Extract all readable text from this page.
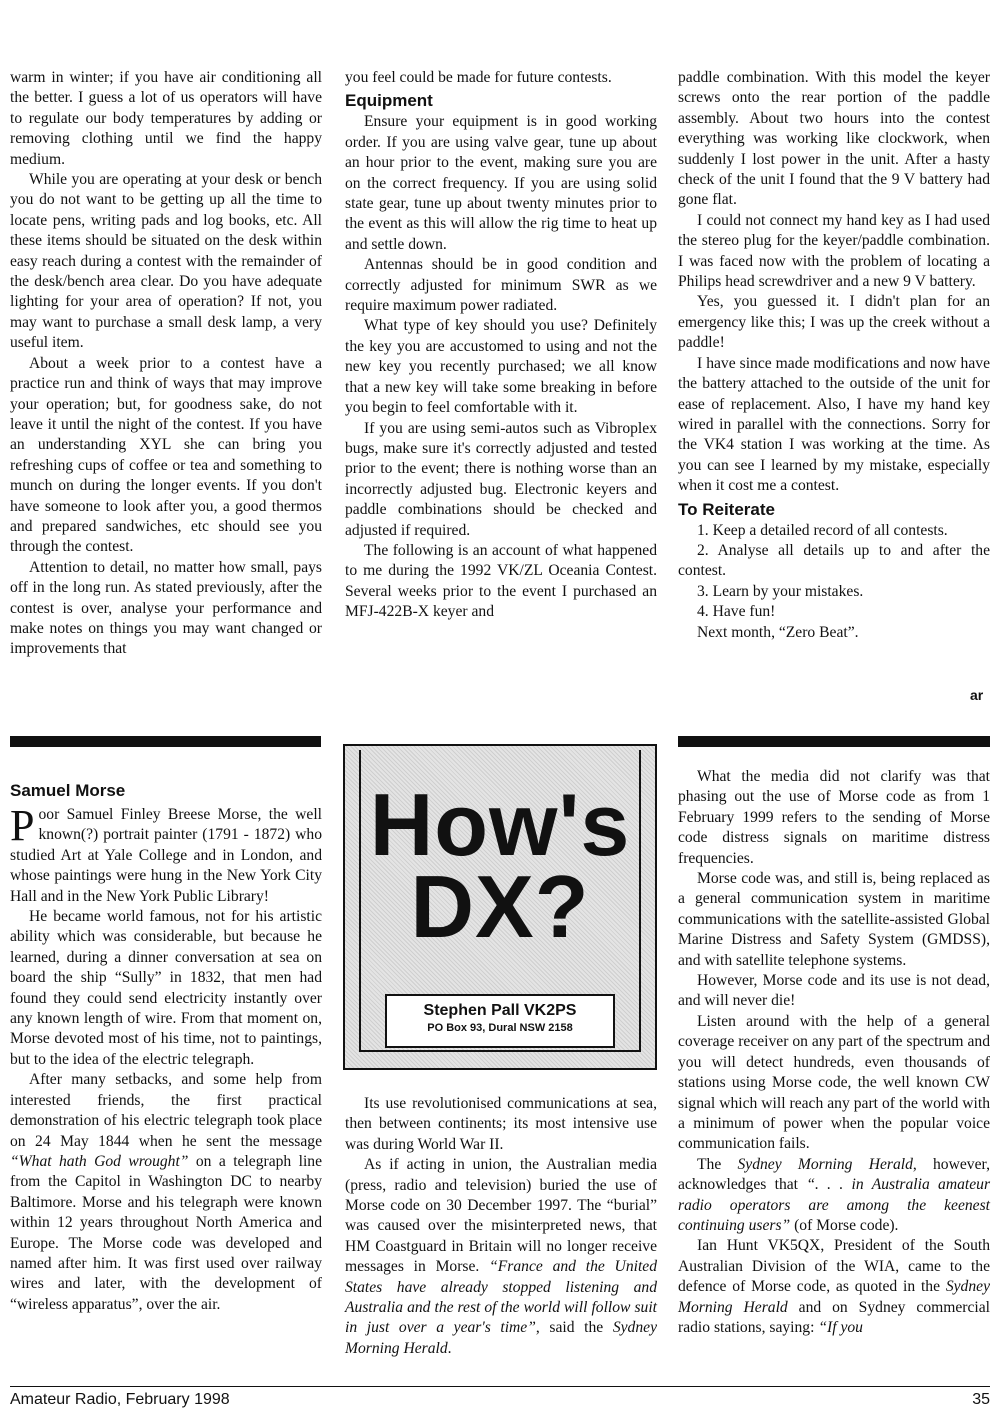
warm in winter; if you have air conditioning all the better. I guess a lot of us operators will have to regulate our body temperatures by adding or removing clothing until we find the happy medium.

While you are operating at your desk or bench you do not want to be getting up all the time to locate pens, writing pads and log books, etc. All these items should be situated on the desk within easy reach during a contest with the remainder of the desk/bench area clear. Do you have adequate lighting for your area of operation? If not, you may want to purchase a small desk lamp, a very useful item.

About a week prior to a contest have a practice run and think of ways that may improve your operation; but, for goodness sake, do not leave it until the night of the contest. If you have an understanding XYL she can bring you refreshing cups of coffee or tea and something to munch on during the longer events. If you don't have someone to look after you, a good thermos and prepared sandwiches, etc should see you through the contest.

Attention to detail, no matter how small, pays off in the long run. As stated previously, after the contest is over, analyse your performance and make notes on things you may want changed or improvements that

you feel could be made for future contests.

Equipment

Ensure your equipment is in good working order. If you are using valve gear, tune up about an hour prior to the event, making sure you are on the correct frequency. If you are using solid state gear, tune up about twenty minutes prior to the event as this will allow the rig time to heat up and settle down.

Antennas should be in good condition and correctly adjusted for minimum SWR as we require maximum power radiated.

What type of key should you use? Definitely the key you are accustomed to using and not the new key you recently purchased; we all know that a new key will take some breaking in before you begin to feel comfortable with it.

If you are using semi-autos such as Vibroplex bugs, make sure it's correctly adjusted and tested prior to the event; there is nothing worse than an incorrectly adjusted bug. Electronic keyers and paddle combinations should be checked and adjusted if required.

The following is an account of what happened to me during the 1992 VK/ZL Oceania Contest. Several weeks prior to the event I purchased an MFJ-422B-X keyer and

paddle combination. With this model the keyer screws onto the rear portion of the paddle assembly. About two hours into the contest everything was working like clockwork, when suddenly I lost power in the unit. After a hasty check of the unit I found that the 9 V battery had gone flat.

I could not connect my hand key as I had used the stereo plug for the keyer/paddle combination. I was faced now with the problem of locating a Philips head screwdriver and a new 9 V battery.

Yes, you guessed it. I didn't plan for an emergency like this; I was up the creek without a paddle!

I have since made modifications and now have the battery attached to the outside of the unit for ease of replacement. Also, I have my hand key wired in parallel with the connections. Sorry for the VK4 station I was working at the time. As you can see I learned by my mistake, especially when it cost me a contest.

To Reiterate

1. Keep a detailed record of all contests.

2. Analyse all details up to and after the contest.

3. Learn by your mistakes.

4. Have fun!

Next month, “Zero Beat”.

ar
Samuel Morse

Poor Samuel Finley Breese Morse, the well known(?) portrait painter (1791 - 1872) who studied Art at Yale College and in London, and whose paintings were hung in the New York City Hall and in the New York Public Library!

He became world famous, not for his artistic ability which was considerable, but because he learned, during a dinner conversation at sea on board the ship “Sully” in 1832, that men had found they could send electricity instantly over any known length of wire. From that moment on, Morse devoted most of his time, not to paintings, but to the idea of the electric telegraph.

After many setbacks, and some help from interested friends, the first practical demonstration of his electric telegraph took place on 24 May 1844 when he sent the message “What hath God wrought” on a telegraph line from the Capitol in Washington DC to nearby Baltimore. Morse and his telegraph were known within 12 years throughout North America and Europe. The Morse code was developed and named after him. It was first used over railway wires and later, with the development of “wireless apparatus”, over the air.

How's
DX?
Stephen Pall VK2PS
PO Box 93, Dural NSW 2158

Its use revolutionised communications at sea, then between continents; its most intensive use was during World War II.

As if acting in union, the Australian media (press, radio and television) buried the use of Morse code on 30 December 1997. The “burial” was caused over the misinterpreted news, that HM Coastguard in Britain will no longer receive messages in Morse. “France and the United States have already stopped listening and Australia and the rest of the world will follow suit in just over a year's time”, said the Sydney Morning Herald.

What the media did not clarify was that phasing out the use of Morse code as from 1 February 1999 refers to the sending of Morse code distress signals on maritime distress frequencies.

Morse code was, and still is, being replaced as a general communication system in maritime communications with the satellite-assisted Global Marine Distress and Safety System (GMDSS), and with satellite telephone systems.

However, Morse code and its use is not dead, and will never die!

Listen around with the help of a general coverage receiver on any part of the spectrum and you will detect hundreds, even thousands of stations using Morse code, the well known CW signal which will reach any part of the world with a minimum of power when the popular voice communication fails.

The Sydney Morning Herald, however, acknowledges that “. . . in Australia amateur radio operators are among the keenest continuing users” (of Morse code).

Ian Hunt VK5QX, President of the South Australian Division of the WIA, came to the defence of Morse code, as quoted in the Sydney Morning Herald and on Sydney commercial radio stations, saying: “If you

Amateur Radio, February 1998	35
